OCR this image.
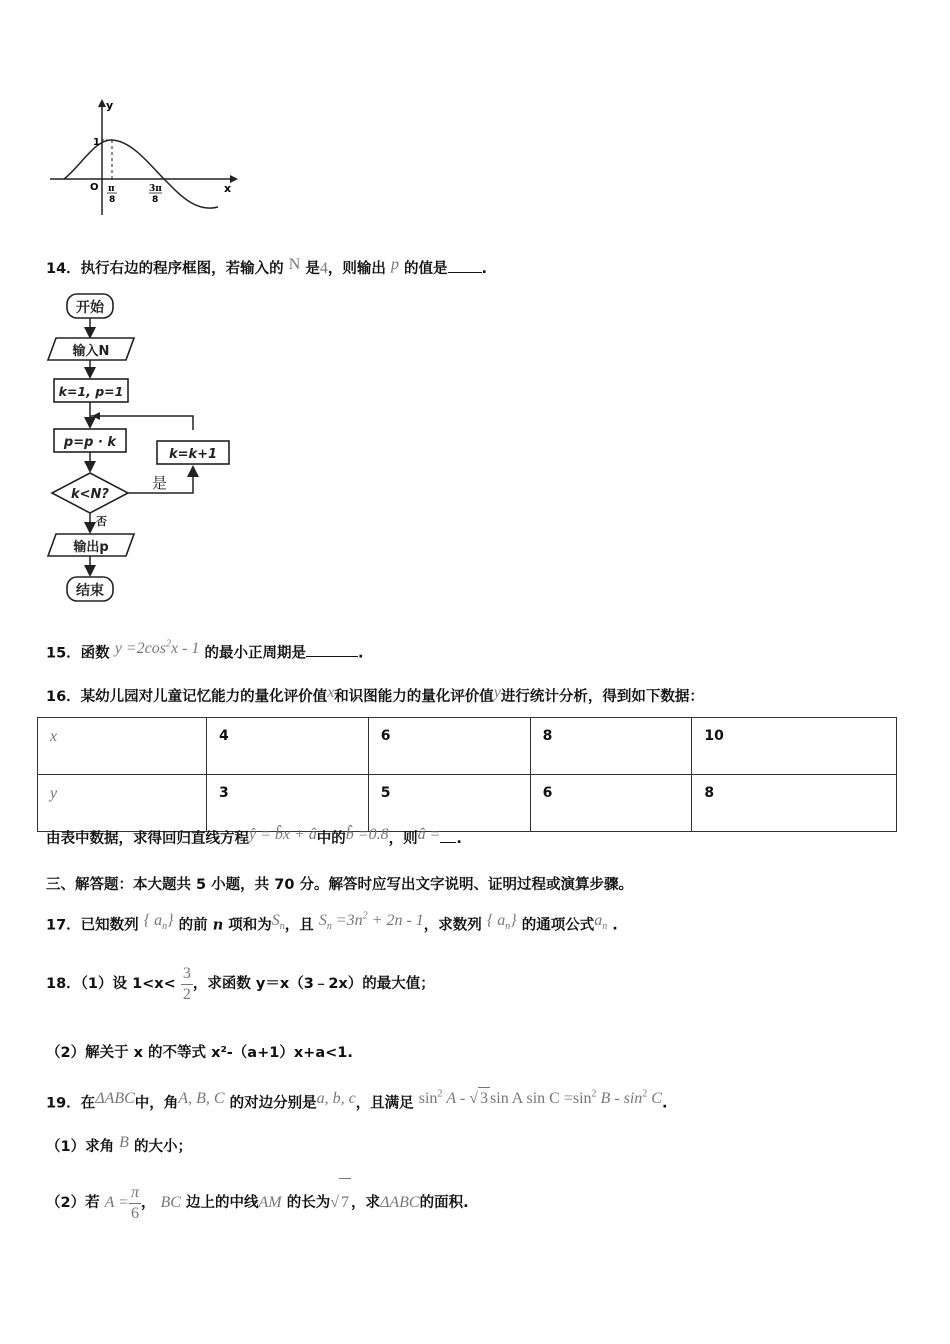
y
x
O
1
π
8
3π
8
14．执行右边的程序框图，若输入的 N 是4，则输出 p 的值是 .
开始
输入N
k=1, p=1
p=p · k
k=k+1
k<N?
是
否
输出p
结束
15．函数 $y =2\cos^2x - 1$ 的最小正周期是	.
16．某幼儿园对儿童记忆能力的量化评价值x和识图能力的量化评价值y进行统计分析，得到如下数据：
x	4	6	8	10
y	3	5	6	8
由表中数据，求得回归直线方程ŷ = b̂x + â中的b̂ =0.8，则â = .
三、解答题：本大题共 5 小题，共 70 分。解答时应写出文字说明、证明过程或演算步骤。
17．已知数列 { $a_n$} 的前 n 项和为$S_n$，且 $S_n =3n^2 + 2n - 1$，求数列 { $a_n$} 的通项公式$a_n$ .
18．（1）设 $1<x< \frac{3}{2}$ ，求函数 y＝x（3﹣2x）的最大值；
（2）解关于 x 的不等式 x²-（a+1）x+a<1.
19．在ΔABC中，角A, B, C 的对边分别是a, b, c，且满足 $\sin^2 A$ - √ 3 sin A $\sin C =\sin^2$ B - $\sin^2 C$.
（1）求角 B 的大小；
（2）若 $A = \frac{\pi}{6}$ ， BC 边上的中线AM 的长为√ 7 ，求ΔABC的面积.
